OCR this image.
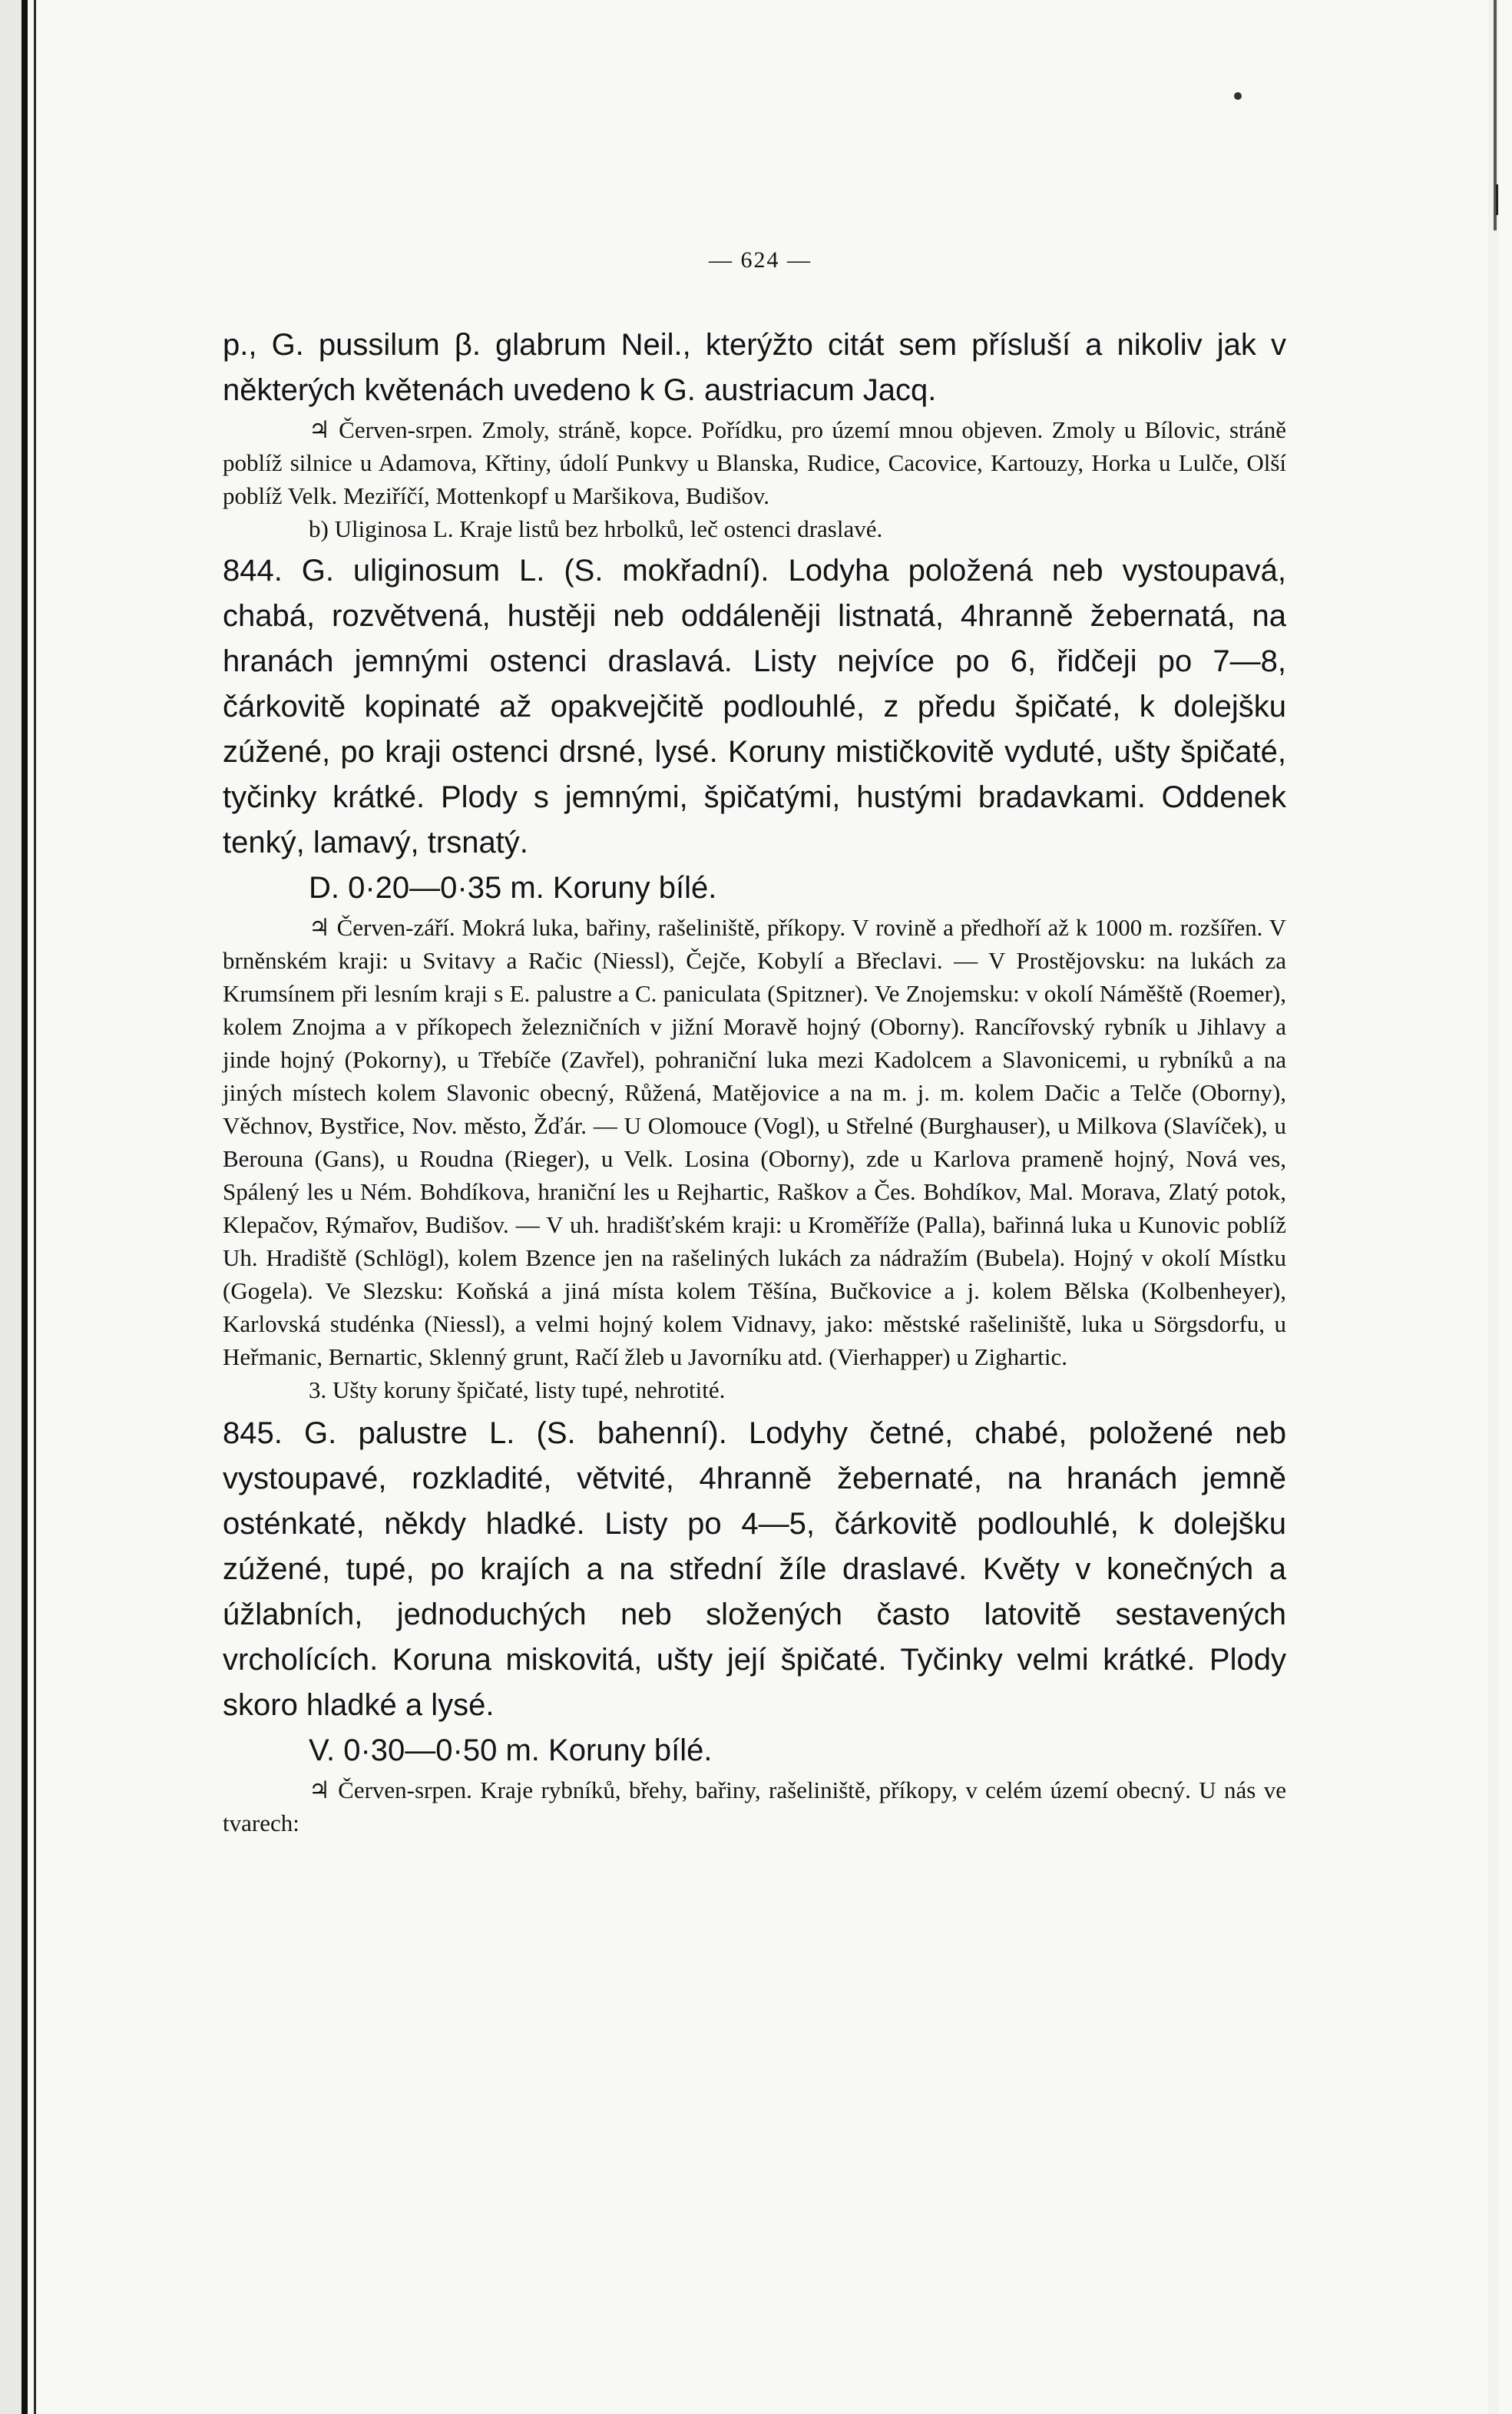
— 624 —

p., G. pussilum β. glabrum Neil., kterýžto citát sem přísluší a nikoliv jak v některých květenách uvedeno k G. austriacum Jacq.

♃ Červen-srpen. Zmoly, stráně, kopce. Pořídku, pro území mnou objeven. Zmoly u Bílovic, stráně poblíž silnice u Adamova, Křtiny, údolí Punkvy u Blanska, Rudice, Cacovice, Kartouzy, Horka u Lulče, Olší poblíž Velk. Meziříčí, Mottenkopf u Maršikova, Budišov.

b) Uliginosa L. Kraje listů bez hrbolků, leč ostenci draslavé.

844. G. uliginosum L. (S. mokřadní). Lodyha položená neb vystoupavá, chabá, rozvětvená, hustěji neb oddáleněji listnatá, 4hranně žebernatá, na hranách jemnými ostenci draslavá. Listy nejvíce po 6, řidčeji po 7—8, čárkovitě kopinaté až opakvejčitě podlouhlé, z předu špičaté, k dolejšku zúžené, po kraji ostenci drsné, lysé. Koruny mističkovitě vyduté, ušty špičaté, tyčinky krátké. Plody s jemnými, špičatými, hustými bradavkami. Oddenek tenký, lamavý, trsnatý.

D. 0·20—0·35 m. Koruny bílé.

♃ Červen-září. Mokrá luka, bařiny, rašeliniště, příkopy. V rovině a předhoří až k 1000 m. rozšířen. V brněnském kraji: u Svitavy a Račic (Niessl), Čejče, Kobylí a Břeclavi. — V Prostějovsku: na lukách za Krumsínem při lesním kraji s E. palustre a C. paniculata (Spitzner). Ve Znojemsku: v okolí Náměště (Roemer), kolem Znojma a v příkopech železničních v jižní Moravě hojný (Oborny). Rancířovský rybník u Jihlavy a jinde hojný (Pokorny), u Třebíče (Zavřel), pohraniční luka mezi Kadolcem a Slavonicemi, u rybníků a na jiných místech kolem Slavonic obecný, Růžená, Matějovice a na m. j. m. kolem Dačic a Telče (Oborny), Věchnov, Bystřice, Nov. město, Žďár. — U Olomouce (Vogl), u Střelné (Burghauser), u Milkova (Slavíček), u Berouna (Gans), u Roudna (Rieger), u Velk. Losina (Oborny), zde u Karlova prameně hojný, Nová ves, Spálený les u Ném. Bohdíkova, hraniční les u Rejhartic, Raškov a Čes. Bohdíkov, Mal. Morava, Zlatý potok, Klepačov, Rýmařov, Budišov. — V uh. hradišťském kraji: u Kroměříže (Palla), bařinná luka u Kunovic poblíž Uh. Hradiště (Schlögl), kolem Bzence jen na rašeliných lukách za nádražím (Bubela). Hojný v okolí Místku (Gogela). Ve Slezsku: Koňská a jiná místa kolem Těšína, Bučkovice a j. kolem Bělska (Kolbenheyer), Karlovská studénka (Niessl), a velmi hojný kolem Vidnavy, jako: městské rašeliniště, luka u Sörgsdorfu, u Heřmanic, Bernartic, Sklenný grunt, Račí žleb u Javorníku atd. (Vierhapper) u Zighartic.

3. Ušty koruny špičaté, listy tupé, nehrotité.

845. G. palustre L. (S. bahenní). Lodyhy četné, chabé, položené neb vystoupavé, rozkladité, větvité, 4hranně žebernaté, na hranách jemně osténkaté, někdy hladké. Listy po 4—5, čárkovitě podlouhlé, k dolejšku zúžené, tupé, po krajích a na střední žíle draslavé. Květy v konečných a úžlabních, jednoduchých neb složených často latovitě sestavených vrcholících. Koruna miskovitá, ušty její špičaté. Tyčinky velmi krátké. Plody skoro hladké a lysé.

V. 0·30—0·50 m. Koruny bílé.

♃ Červen-srpen. Kraje rybníků, břehy, bařiny, rašeliniště, příkopy, v celém území obecný. U nás ve tvarech:
